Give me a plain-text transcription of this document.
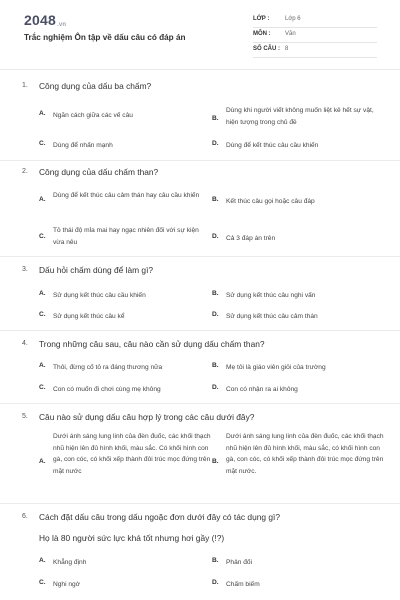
2048.vn
Trắc nghiệm Ôn tập về dấu câu có đáp án
LỚP :	Lớp 6
MÔN : Văn
SỐ CÂU : 8
1. Công dụng của dấu ba chấm?
A. Ngăn cách giữa các vế câu	B.
Dùng khi người viết không muốn liệt kê hết sự vật, hiện tượng trong chủ đề
C. Dùng để nhấn mạnh	D. Dùng để kết thúc câu cầu khiến
2. Công dụng của dấu chấm than?
A.
Dùng để kết thúc câu cảm thán hay câu cầu khiến
B. Kết thúc câu gọi hoặc câu đáp
C.
Tỏ thái độ mỉa mai hay ngạc nhiên đối với sự kiện vừa nêu
D. Cả 3 đáp án trên
3. Dấu hỏi chấm dùng để làm gì?
A. Sử dụng kết thúc câu cầu khiến	B. Sử dụng kết thúc câu nghi vấn
C. Sử dụng kết thúc câu kể	D. Sử dụng kết thúc câu cảm thán
4. Trong những câu sau, câu nào cần sử dụng dấu chấm than?
A. Thôi, đừng cố tỏ ra đáng thương nữa	B. Mẹ tôi là giáo viên giỏi của trường
C. Con có muốn đi chơi cùng mẹ không	D. Con có nhận ra ai không
5. Câu nào sử dụng dấu câu hợp lý trong các câu dưới đây?
A.
Dưới ánh sáng lung linh của đèn đuốc, các khối thạch nhũ hiện lên đủ hình khối, màu sắc. Có khối hình con gà, con cóc, có khối xếp thành đôi trúc mọc đứng trên mặt nước
B.
Dưới ánh sáng lung linh của đèn đuốc, các khối thạch nhũ hiện lên đủ hình khối, màu sắc, có khối hình con gà, con cóc, có khối xếp thành đôi trúc mọc đứng trên mặt nước.
6. Cách đặt dấu câu trong dấu ngoặc đơn dưới đây có tác dụng gì?
Họ là 80 người sức lực khá tốt nhưng hơi gầy (!?)
A. Khẳng định	B. Phản đối
C. Nghi ngờ	D. Chấm biếm
